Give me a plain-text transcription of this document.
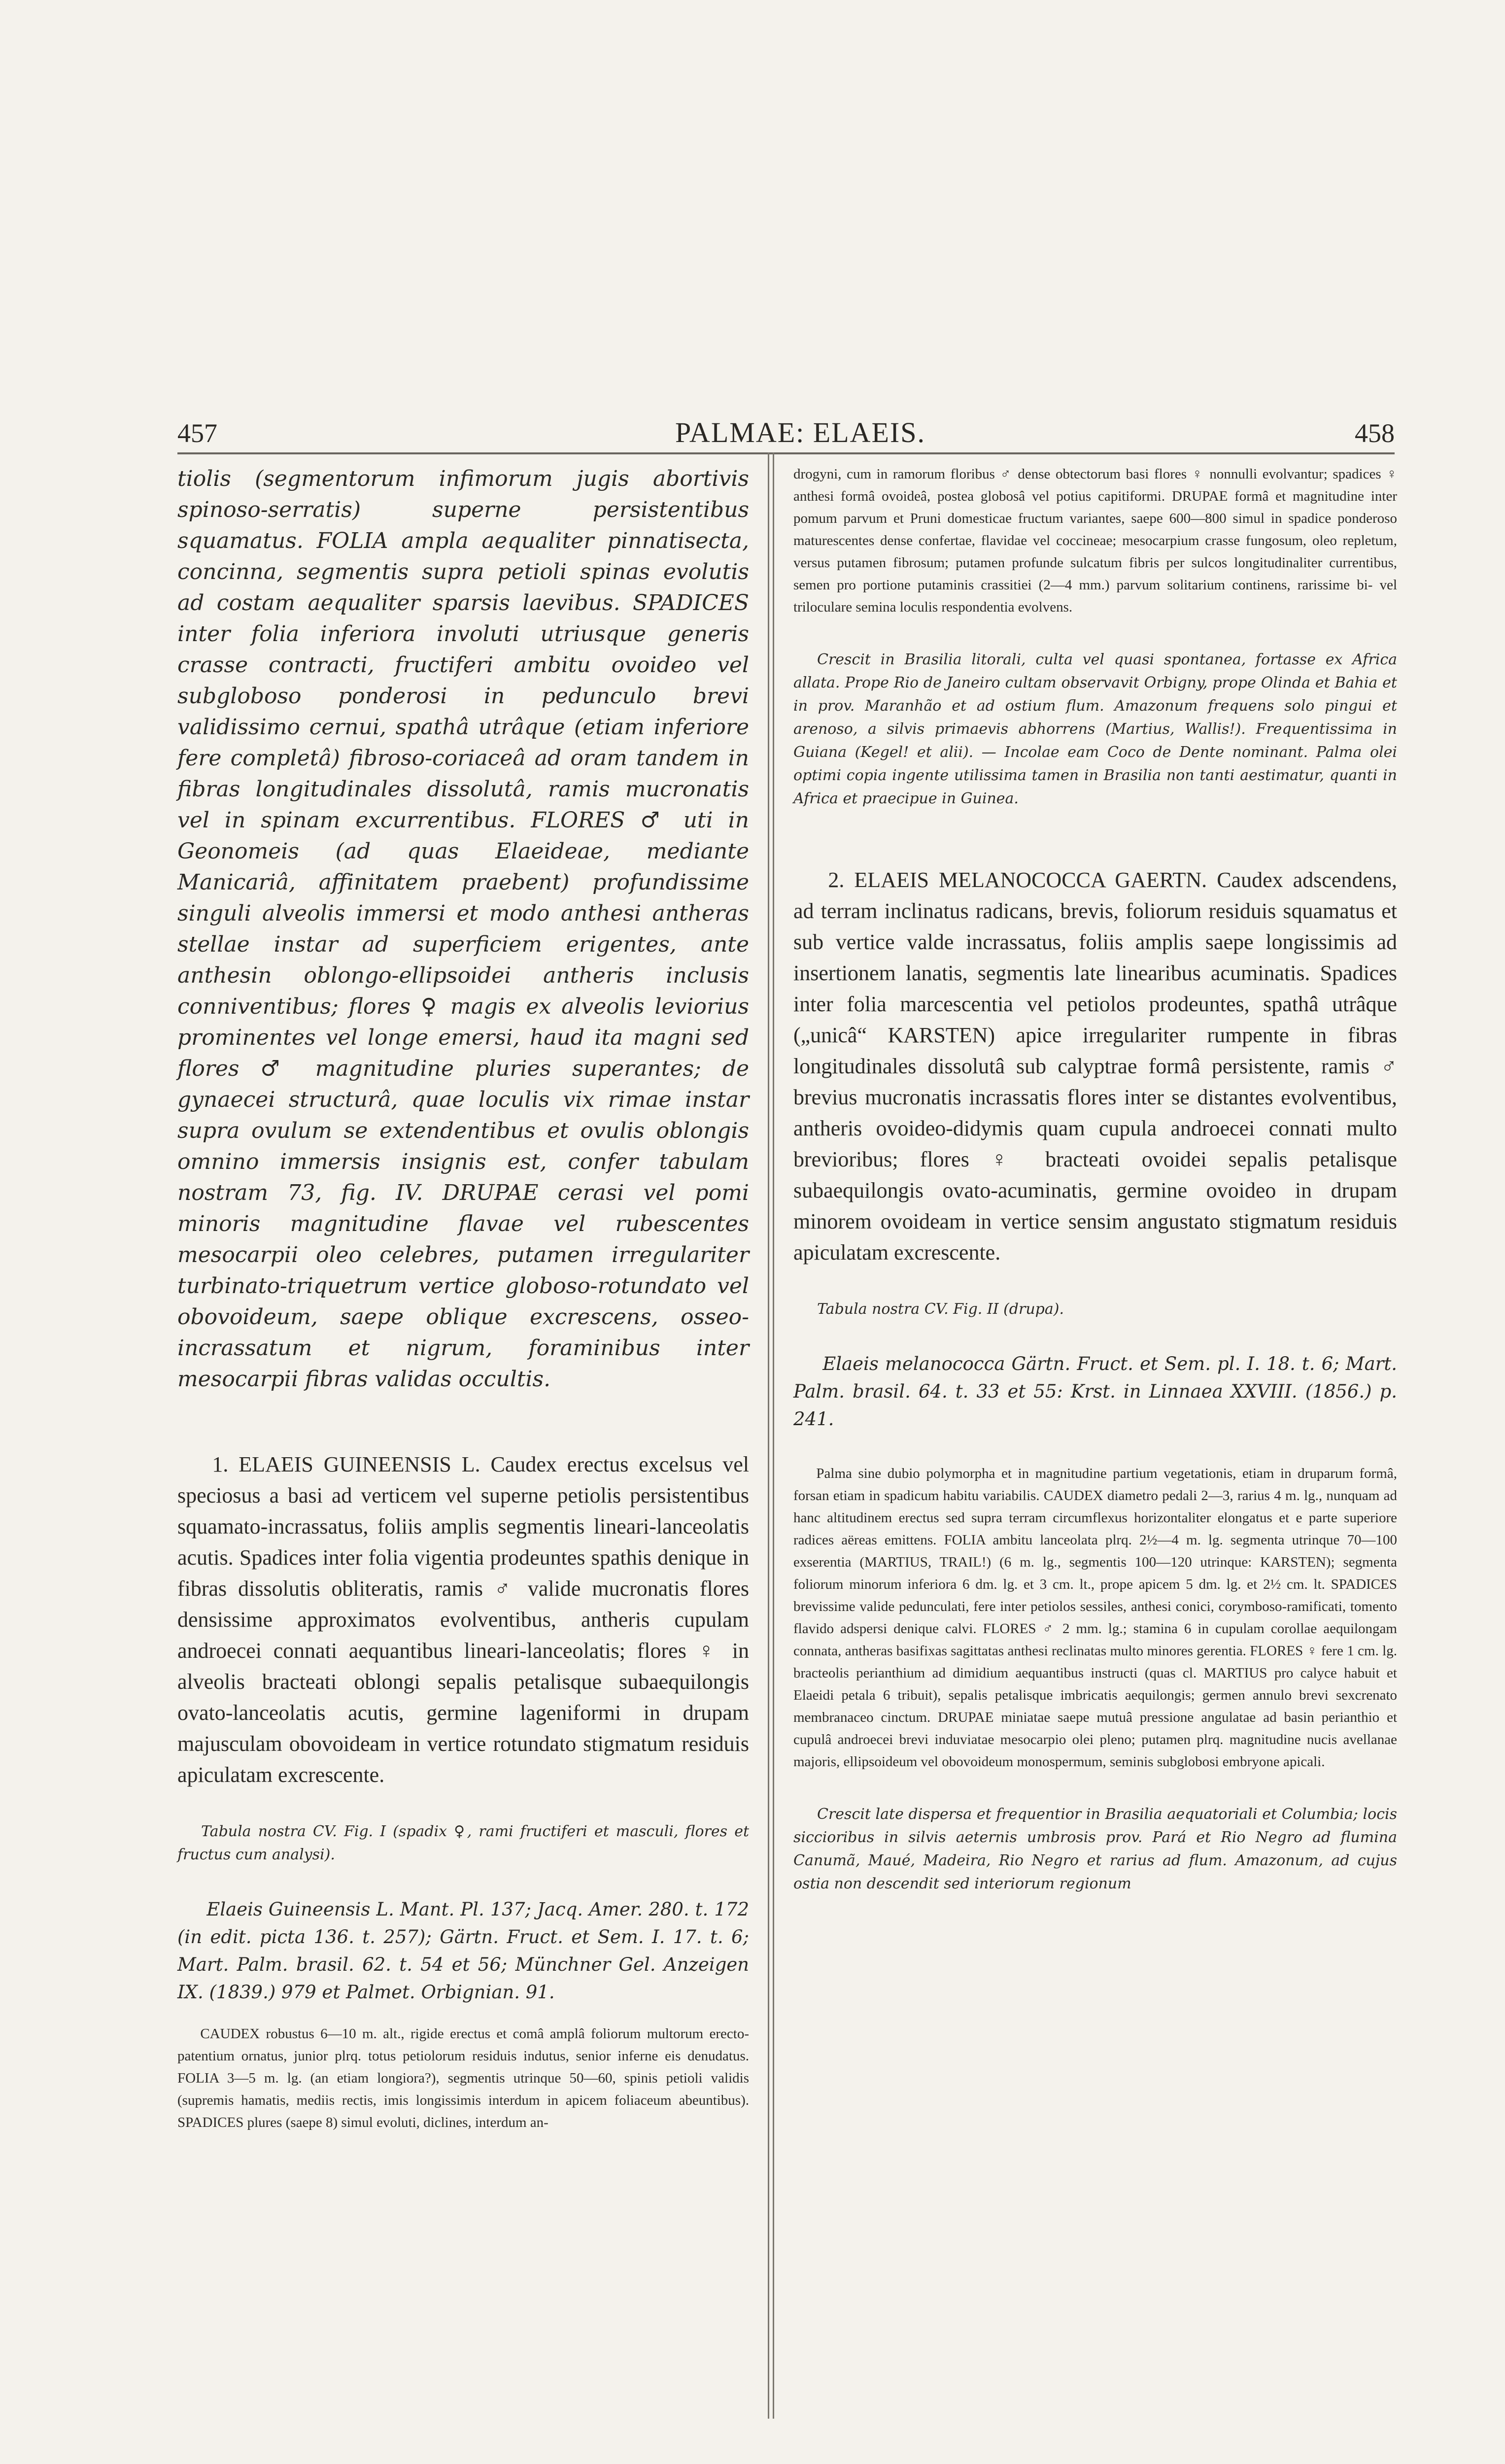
457	PALMAE: ELAEIS.	458

tiolis (segmentorum infimorum jugis abortivis spinoso-serratis) superne persistentibus squamatus. FOLIA ampla aequaliter pinnatisecta, concinna, segmentis supra petioli spinas evolutis ad costam aequaliter sparsis laevibus. SPADICES inter folia inferiora involuti utriusque generis crasse contracti, fructiferi ambitu ovoideo vel subgloboso ponderosi in pedunculo brevi validissimo cernui, spathâ utrâque (etiam inferiore fere completâ) fibroso-coriaceâ ad oram tandem in fibras longitudinales dissolutâ, ramis mucronatis vel in spinam excurrentibus. FLORES ♂ uti in Geonomeis (ad quas Elaeideae, mediante Manicariâ, affinitatem praebent) profundissime singuli alveolis immersi et modo anthesi antheras stellae instar ad superficiem erigentes, ante anthesin oblongo-ellipsoidei antheris inclusis conniventibus; flores ♀ magis ex alveolis leviorius prominentes vel longe emersi, haud ita magni sed flores ♂ magnitudine pluries superantes; de gynaecei structurâ, quae loculis vix rimae instar supra ovulum se extendentibus et ovulis oblongis omnino immersis insignis est, confer tabulam nostram 73, fig. IV. DRUPAE cerasi vel pomi minoris magnitudine flavae vel rubescentes mesocarpii oleo celebres, putamen irregulariter turbinato-triquetrum vertice globoso-rotundato vel obovoideum, saepe oblique excrescens, osseo-incrassatum et nigrum, foraminibus inter mesocarpii fibras validas occultis.

1. ELAEIS GUINEENSIS L. Caudex erectus excelsus vel speciosus a basi ad verticem vel superne petiolis persistentibus squamato-incrassatus, foliis amplis segmentis lineari-lanceolatis acutis. Spadices inter folia vigentia prodeuntes spathis denique in fibras dissolutis obliteratis, ramis ♂ valide mucronatis flores densissime approximatos evolventibus, antheris cupulam androecei connati aequantibus lineari-lanceolatis; flores ♀ in alveolis bracteati oblongi sepalis petalisque subaequilongis ovato-lanceolatis acutis, germine lageniformi in drupam majusculam obovoideam in vertice rotundato stigmatum residuis apiculatam excrescente.

Tabula nostra CV. Fig. I (spadix ♀, rami fructiferi et masculi, flores et fructus cum analysi).

Elaeis Guineensis L. Mant. Pl. 137; Jacq. Amer. 280. t. 172 (in edit. picta 136. t. 257); Gärtn. Fruct. et Sem. I. 17. t. 6; Mart. Palm. brasil. 62. t. 54 et 56; Münchner Gel. Anzeigen IX. (1839.) 979 et Palmet. Orbignian. 91.

CAUDEX robustus 6—10 m. alt., rigide erectus et comâ amplâ foliorum multorum erecto-patentium ornatus, junior plrq. totus petiolorum residuis indutus, senior inferne eis denudatus. FOLIA 3—5 m. lg. (an etiam longiora?), segmentis utrinque 50—60, spinis petioli validis (supremis hamatis, mediis rectis, imis longissimis interdum in apicem foliaceum abeuntibus). SPADICES plures (saepe 8) simul evoluti, diclines, interdum an-

drogyni, cum in ramorum floribus ♂ dense obtectorum basi flores ♀ nonnulli evolvantur; spadices ♀ anthesi formâ ovoideâ, postea globosâ vel potius capitiformi. DRUPAE formâ et magnitudine inter pomum parvum et Pruni domesticae fructum variantes, saepe 600—800 simul in spadice ponderoso maturescentes dense confertae, flavidae vel coccineae; mesocarpium crasse fungosum, oleo repletum, versus putamen fibrosum; putamen profunde sulcatum fibris per sulcos longitudinaliter currentibus, semen pro portione putaminis crassitiei (2—4 mm.) parvum solitarium continens, rarissime bi- vel triloculare semina loculis respondentia evolvens.

Crescit in Brasilia litorali, culta vel quasi spontanea, fortasse ex Africa allata. Prope Rio de Janeiro cultam observavit Orbigny, prope Olinda et Bahia et in prov. Maranhão et ad ostium flum. Amazonum frequens solo pingui et arenoso, a silvis primaevis abhorrens (Martius, Wallis!). Frequentissima in Guiana (Kegel! et alii). — Incolae eam Coco de Dente nominant. Palma olei optimi copia ingente utilissima tamen in Brasilia non tanti aestimatur, quanti in Africa et praecipue in Guinea.

2. ELAEIS MELANOCOCCA GAERTN. Caudex adscendens, ad terram inclinatus radicans, brevis, foliorum residuis squamatus et sub vertice valde incrassatus, foliis amplis saepe longissimis ad insertionem lanatis, segmentis late linearibus acuminatis. Spadices inter folia marcescentia vel petiolos prodeuntes, spathâ utrâque („unicâ“ KARSTEN) apice irregulariter rumpente in fibras longitudinales dissolutâ sub calyptrae formâ persistente, ramis ♂ brevius mucronatis incrassatis flores inter se distantes evolventibus, antheris ovoideo-didymis quam cupula androecei connati multo brevioribus; flores ♀ bracteati ovoidei sepalis petalisque subaequilongis ovato-acuminatis, germine ovoideo in drupam minorem ovoideam in vertice sensim angustato stigmatum residuis apiculatam excrescente.

Tabula nostra CV. Fig. II (drupa).

Elaeis melanococca Gärtn. Fruct. et Sem. pl. I. 18. t. 6; Mart. Palm. brasil. 64. t. 33 et 55: Krst. in Linnaea XXVIII. (1856.) p. 241.

Palma sine dubio polymorpha et in magnitudine partium vegetationis, etiam in druparum formâ, forsan etiam in spadicum habitu variabilis. CAUDEX diametro pedali 2—3, rarius 4 m. lg., nunquam ad hanc altitudinem erectus sed supra terram circumflexus horizontaliter elongatus et e parte superiore radices aëreas emittens. FOLIA ambitu lanceolata plrq. 2½—4 m. lg. segmenta utrinque 70—100 exserentia (MARTIUS, TRAIL!) (6 m. lg., segmentis 100—120 utrinque: KARSTEN); segmenta foliorum minorum inferiora 6 dm. lg. et 3 cm. lt., prope apicem 5 dm. lg. et 2½ cm. lt. SPADICES brevissime valide pedunculati, fere inter petiolos sessiles, anthesi conici, corymboso-ramificati, tomento flavido adspersi denique calvi. FLORES ♂ 2 mm. lg.; stamina 6 in cupulam corollae aequilongam connata, antheras basifixas sagittatas anthesi reclinatas multo minores gerentia. FLORES ♀ fere 1 cm. lg. bracteolis perianthium ad dimidium aequantibus instructi (quas cl. MARTIUS pro calyce habuit et Elaeidi petala 6 tribuit), sepalis petalisque imbricatis aequilongis; germen annulo brevi sexcrenato membranaceo cinctum. DRUPAE miniatae saepe mutuâ pressione angulatae ad basin perianthio et cupulâ androecei brevi induviatae mesocarpio olei pleno; putamen plrq. magnitudine nucis avellanae majoris, ellipsoideum vel obovoideum monospermum, seminis subglobosi embryone apicali.

Crescit late dispersa et frequentior in Brasilia aequatoriali et Columbia; locis siccioribus in silvis aeternis umbrosis prov. Pará et Rio Negro ad flumina Canumã, Maué, Madeira, Rio Negro et rarius ad flum. Amazonum, ad cujus ostia non descendit sed interiorum regionum
